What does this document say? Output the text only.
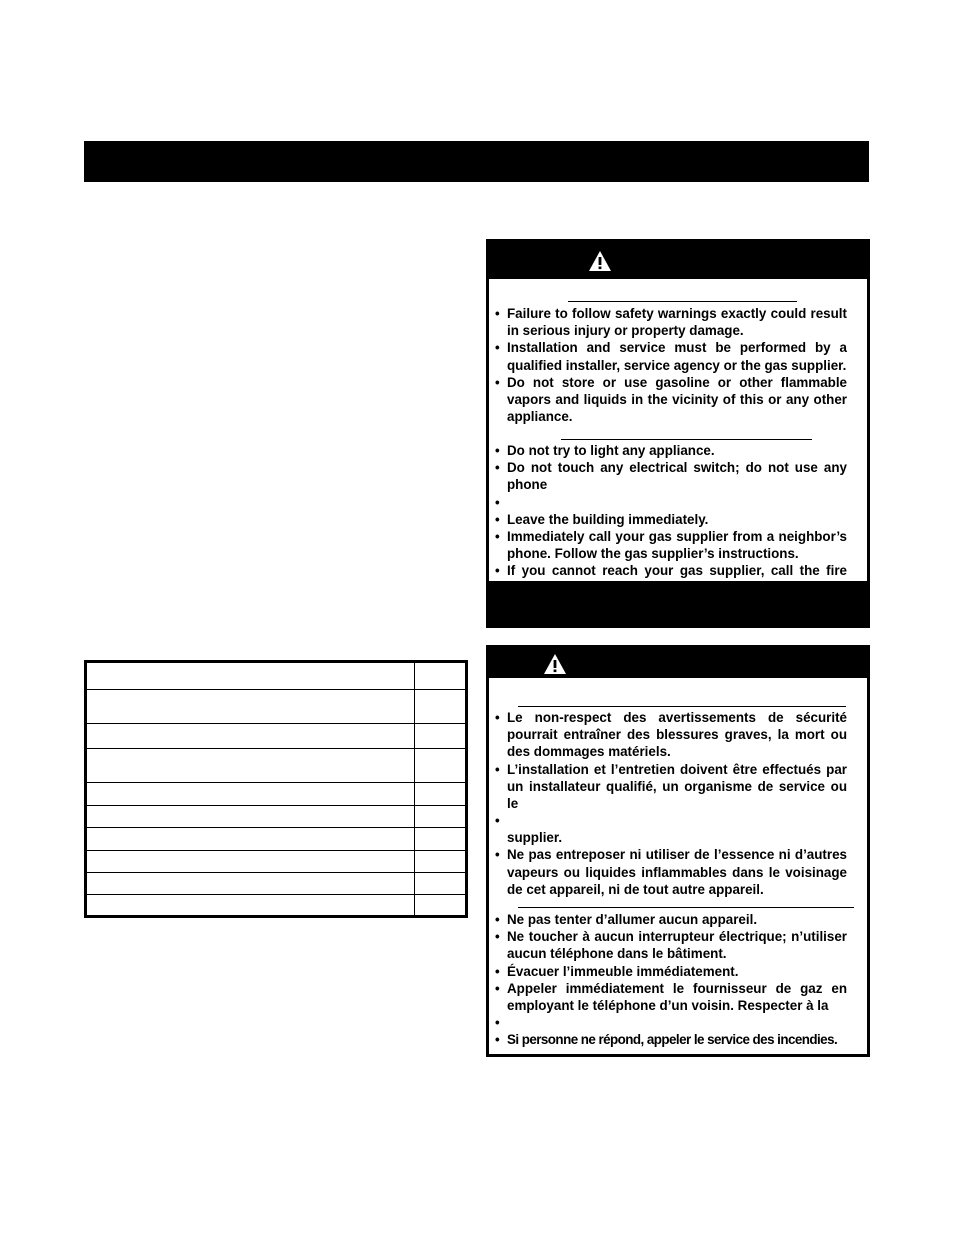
• Failure to follow safety warnings exactly could result in serious injury or property damage.
• Installation and service must be performed by a qualified installer, service agency or the gas supplier.
• Do not store or use gasoline or other flammable vapors and liquids in the vicinity of this or any other appliance.
• Do not try to light any appliance.
• Do not touch any electrical switch; do not use any phone
•
• Leave the building immediately.
• Immediately call your gas supplier from a neighbor’s phone. Follow the gas supplier’s instructions.
• If you cannot reach your gas supplier, call the fire
• Le non-respect des avertissements de sécurité pourrait entraîner des blessures graves, la mort ou des dommages matériels.
• L’installation et l’entretien doivent être effectués par un installateur qualifié, un organisme de service ou le
•
supplier.
• Ne pas entreposer ni utiliser de l’essence ni d’autres vapeurs ou liquides inflammables dans le voisinage de cet appareil, ni de tout autre appareil.
• Ne pas tenter d’allumer aucun appareil.
• Ne toucher à aucun interrupteur électrique; n’utiliser aucun téléphone dans le bâtiment.
• Évacuer l’immeuble immédiatement.
• Appeler immédiatement le fournisseur de gaz en employant le téléphone d’un voisin. Respecter à la
•
• Si personne ne répond, appeler le service des incendies.
